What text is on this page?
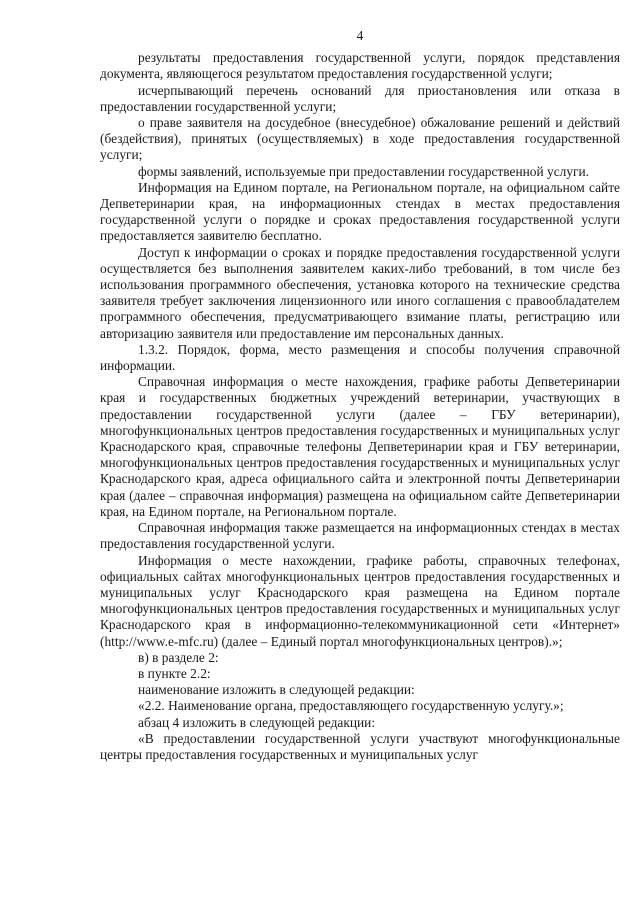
4

результаты предоставления государственной услуги, порядок представления документа, являющегося результатом предоставления государственной услуги;

исчерпывающий перечень оснований для приостановления или отказа в предоставлении государственной услуги;

о праве заявителя на досудебное (внесудебное) обжалование решений и действий (бездействия), принятых (осуществляемых) в ходе предоставления государственной услуги;

формы заявлений, используемые при предоставлении государственной услуги.

Информация на Едином портале, на Региональном портале, на официальном сайте Депветеринарии края, на информационных стендах в местах предоставления государственной услуги о порядке и сроках предоставления государственной услуги предоставляется заявителю бесплатно.

Доступ к информации о сроках и порядке предоставления государственной услуги осуществляется без выполнения заявителем каких-либо требований, в том числе без использования программного обеспечения, установка которого на технические средства заявителя требует заключения лицензионного или иного соглашения с правообладателем программного обеспечения, предусматривающего взимание платы, регистрацию или авторизацию заявителя или предоставление им персональных данных.

1.3.2. Порядок, форма, место размещения и способы получения справочной информации.

Справочная информация о месте нахождения, графике работы Депветеринарии края и государственных бюджетных учреждений ветеринарии, участвующих в предоставлении государственной услуги (далее – ГБУ ветеринарии), многофункциональных центров предоставления государственных и муниципальных услуг Краснодарского края, справочные телефоны Депветеринарии края и ГБУ ветеринарии, многофункциональных центров предоставления государственных и муниципальных услуг Краснодарского края, адреса официального сайта и электронной почты Депветеринарии края (далее – справочная информация) размещена на официальном сайте Депветеринарии края, на Едином портале, на Региональном портале.

Справочная информация также размещается на информационных стендах в местах предоставления государственной услуги.

Информация о месте нахождении, графике работы, справочных телефонах, официальных сайтах многофункциональных центров предоставления государственных и муниципальных услуг Краснодарского края размещена на Едином портале многофункциональных центров предоставления государственных и муниципальных услуг Краснодарского края в информационно-телекоммуникационной сети «Интернет» (http://www.e-mfc.ru) (далее – Единый портал многофункциональных центров).»;

в) в разделе 2:

в пункте 2.2:

наименование изложить в следующей редакции:

«2.2. Наименование органа, предоставляющего государственную услугу.»;

абзац 4 изложить в следующей редакции:

«В предоставлении государственной услуги участвуют многофункциональные центры предоставления государственных и муниципальных услуг
